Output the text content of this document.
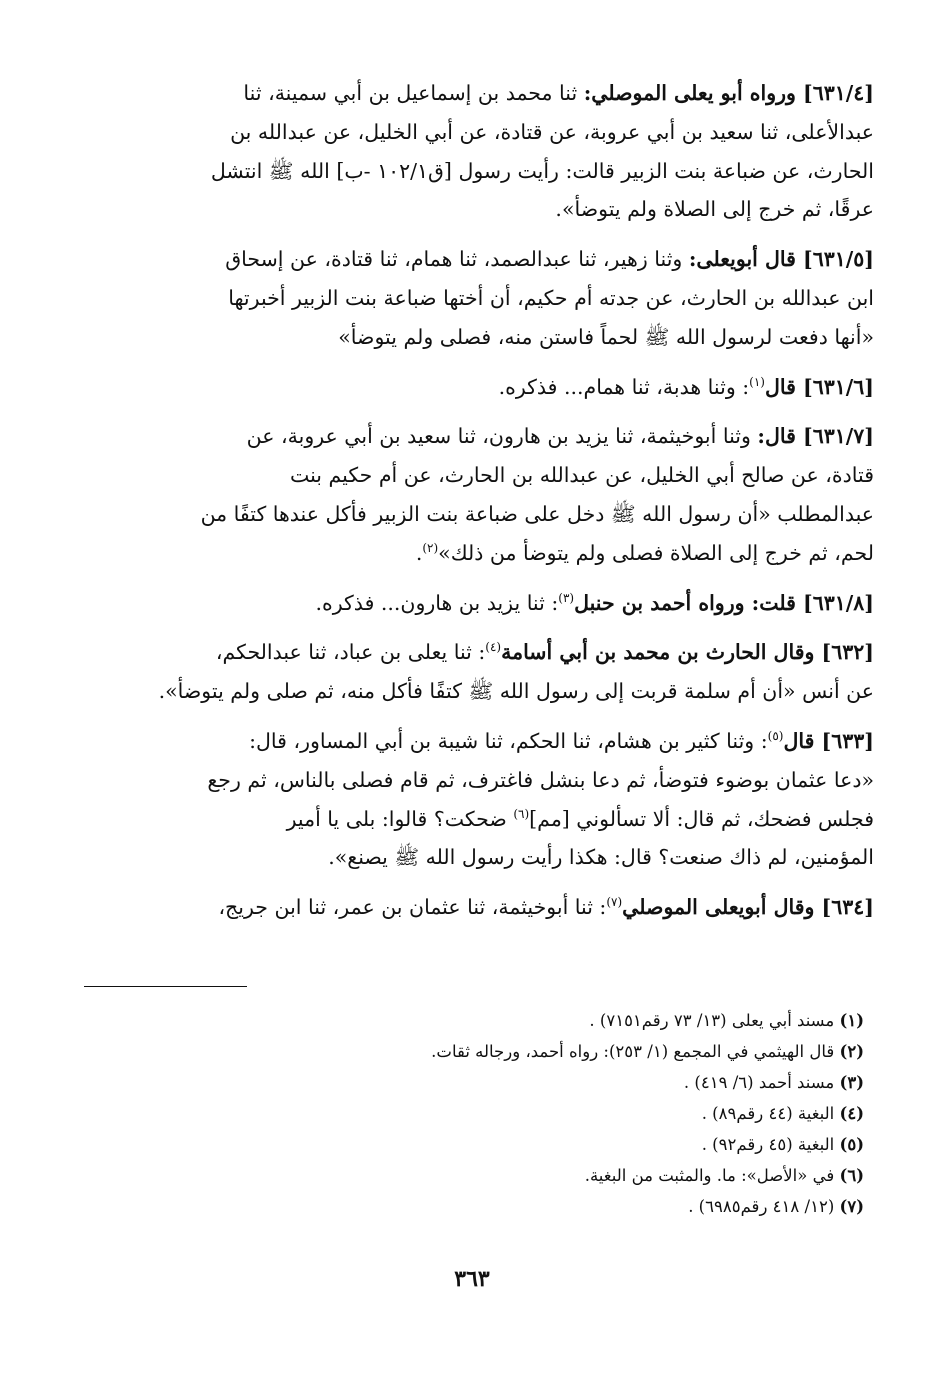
[٦٣١/٤] ورواه أبو يعلى الموصلي: ثنا محمد بن إسماعيل بن أبي سمينة، ثنا
عبدالأعلى، ثنا سعيد بن أبي عروبة، عن قتادة، عن أبي الخليل، عن عبدالله بن
الحارث، عن ضباعة بنت الزبير قالت: رأيت رسول [ق١٠٢/١ -ب] الله ﷺ انتشل
عرقًا، ثم خرج إلى الصلاة ولم يتوضأ».
[٦٣١/٥] قال أبويعلى: وثنا زهير، ثنا عبدالصمد، ثنا همام، ثنا قتادة، عن إسحاق
ابن عبدالله بن الحارث، عن جدته أم حكيم، أن أختها ضباعة بنت الزبير أخبرتها
«أنها دفعت لرسول الله ﷺ لحماً فاستن منه، فصلى ولم يتوضأ»
[٦٣١/٦] قال$^{(١)}$: وثنا هدبة، ثنا همام... فذكره.
[٦٣١/٧] قال: وثنا أبوخيثمة، ثنا يزيد بن هارون، ثنا سعيد بن أبي عروبة، عن
قتادة، عن صالح أبي الخليل، عن عبدالله بن الحارث، عن أم حكيم بنت
عبدالمطلب «أن رسول الله ﷺ دخل على ضباعة بنت الزبير فأكل عندها كتفًا من
لحم، ثم خرج إلى الصلاة فصلى ولم يتوضأ من ذلك»$^{(٢)}$.
[٦٣١/٨] قلت: ورواه أحمد بن حنبل$^{(٣)}$: ثنا يزيد بن هارون... فذكره.
[٦٣٢] وقال الحارث بن محمد بن أبي أسامة$^{(٤)}$: ثنا يعلى بن عباد، ثنا عبدالحكم،
عن أنس «أن أم سلمة قربت إلى رسول الله ﷺ كتفًا فأكل منه، ثم صلى ولم يتوضأ».
[٦٣٣] قال$^{(٥)}$: وثنا كثير بن هشام، ثنا الحكم، ثنا شيبة بن أبي المساور، قال:
«دعا عثمان بوضوء فتوضأ، ثم دعا بنشل فاغترف، ثم قام فصلى بالناس، ثم رجع
فجلس فضحك، ثم قال: ألا تسألوني [مم]$^{(٦)}$ ضحكت؟ قالوا: بلى يا أمير
المؤمنين، لم ذاك صنعت؟ قال: هكذا رأيت رسول الله ﷺ يصنع».
[٦٣٤] وقال أبويعلى الموصلي$^{(٧)}$: ثنا أبوخيثمة، ثنا عثمان بن عمر، ثنا ابن جريج،

(١) مسند أبي يعلى (١٣/ ٧٣ رقم٧١٥١) .

(٢) قال الهيثمي في المجمع (١/ ٢٥٣): رواه أحمد، ورجاله ثقات.

(٣) مسند أحمد (٦/ ٤١٩) .

(٤) البغية (٤٤ رقم٨٩) .

(٥) البغية (٤٥ رقم٩٢) .

(٦) في «الأصل»: ما. والمثبت من البغية.

(٧) (١٢/ ٤١٨ رقم٦٩٨٥) .

٣٦٣
